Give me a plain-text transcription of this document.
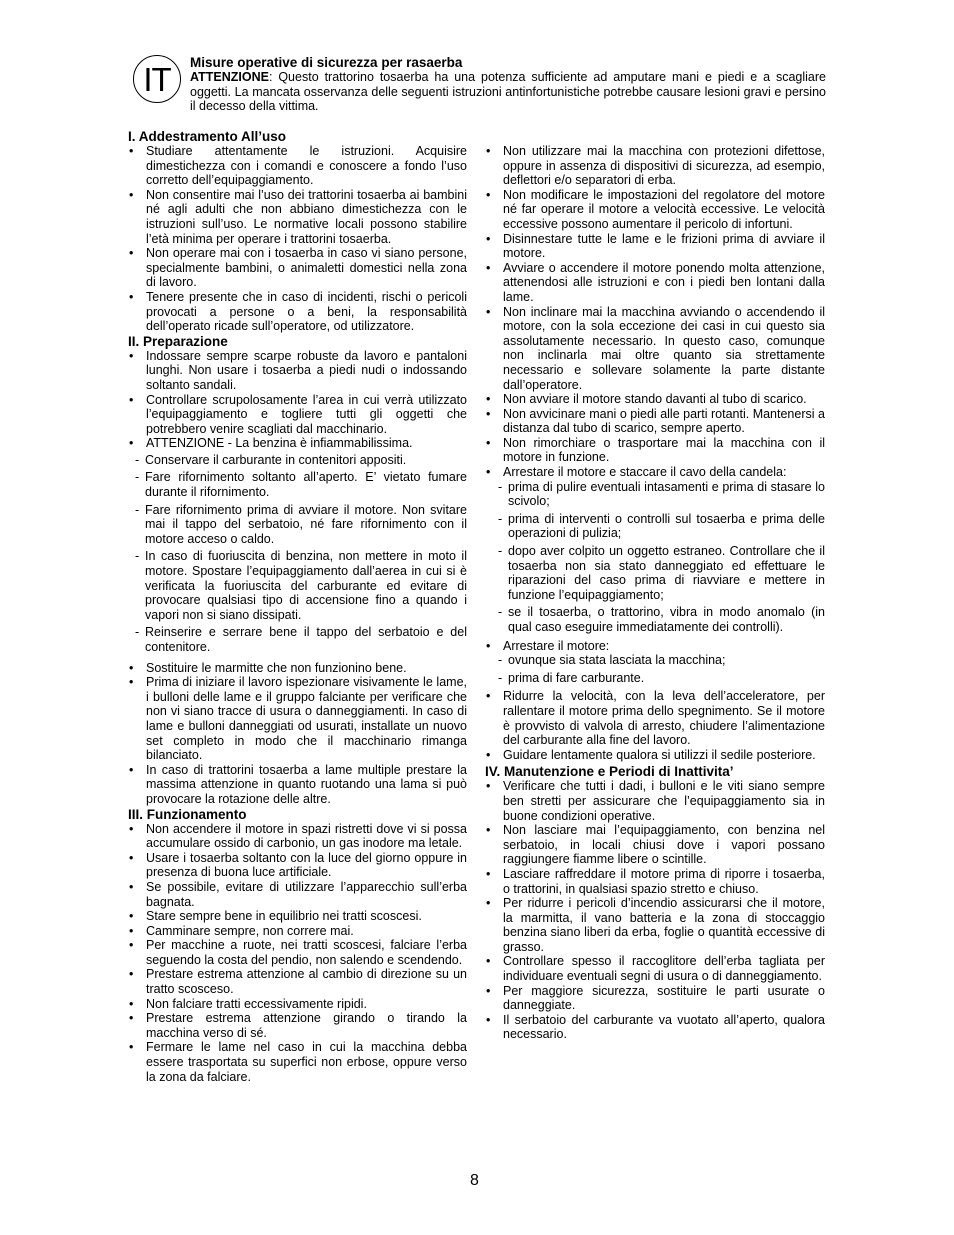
IT Misure operative di sicurezza per rasaerba
ATTENZIONE: Questo trattorino tosaerba ha una potenza sufficiente ad amputare mani e piedi e a scagliare oggetti. La mancata osservanza delle seguenti istruzioni antinfortunistiche potrebbe causare lesioni gravi e persino il decesso della vittima.
I. Addestramento All’uso
• Studiare attentamente le istruzioni. Acquisire dimestichezza con i comandi e conoscere a fondo l’uso corretto dell’equipaggiamento.
• Non consentire mai l’uso dei trattorini tosaerba ai bambini né agli adulti che non abbiano dimestichezza con le istruzioni sull’uso. Le normative locali possono stabilire l’età minima per operare i trattorini tosaerba.
• Non operare mai con i tosaerba in caso vi siano persone, specialmente bambini, o animaletti domestici nella zona di lavoro.
• Tenere presente che in caso di incidenti, rischi o pericoli provocati a persone o a beni, la responsabilità dell’operato ricade sull’operatore, od utilizzatore.
II. Preparazione
• Indossare sempre scarpe robuste da lavoro e pantaloni lunghi. Non usare i tosaerba a piedi nudi o indossando soltanto sandali.
• Controllare scrupolosamente l’area in cui verrà utilizzato l’equipaggiamento e togliere tutti gli oggetti che potrebbero venire scagliati dal macchinario.
• ATTENZIONE - La benzina è infiammabilissima.
- Conservare il carburante in contenitori appositi.
- Fare rifornimento soltanto all’aperto. E’ vietato fumare durante il rifornimento.
- Fare rifornimento prima di avviare il motore. Non svitare mai il tappo del serbatoio, né fare rifornimento con il motore acceso o caldo.
- In caso di fuoriuscita di benzina, non mettere in moto il motore. Spostare l’equipaggiamento dall’aerea in cui si è verificata la fuoriuscita del carburante ed evitare di provocare qualsiasi tipo di accensione fino a quando i vapori non si siano dissipati.
- Reinserire e serrare bene il tappo del serbatoio e del contenitore.
• Sostituire le marmitte che non funzionino bene.
• Prima di iniziare il lavoro ispezionare visivamente le lame, i bulloni delle lame e il gruppo falciante per verificare che non vi siano tracce di usura o danneggiamenti. In caso di lame e bulloni danneggiati od usurati, installate un nuovo set completo in modo che il macchinario rimanga bilanciato.
• In caso di trattorini tosaerba a lame multiple prestare la massima attenzione in quanto ruotando una lama si può provocare la rotazione delle altre.
III. Funzionamento
• Non accendere il motore in spazi ristretti dove vi si possa accumulare ossido di carbonio, un gas inodore ma letale.
• Usare i tosaerba soltanto con la luce del giorno oppure in presenza di buona luce artificiale.
• Se possibile, evitare di utilizzare l’apparecchio sull’erba bagnata.
• Stare sempre bene in equilibrio nei tratti scoscesi.
• Camminare sempre, non correre mai.
• Per macchine a ruote, nei tratti scoscesi, falciare l’erba seguendo la costa del pendio, non salendo e scendendo.
• Prestare estrema attenzione al cambio di direzione su un tratto scosceso.
• Non falciare tratti eccessivamente ripidi.
• Prestare estrema attenzione girando o tirando la macchina verso di sé.
• Fermare le lame nel caso in cui la macchina debba essere trasportata su superfici non erbose, oppure verso la zona da falciare.
• Non utilizzare mai la macchina con protezioni difettose, oppure in assenza di dispositivi di sicurezza, ad esempio, deflettori e/o separatori di erba.
• Non modificare le impostazioni del regolatore del motore né far operare il motore a velocità eccessive. Le velocità eccessive possono aumentare il pericolo di infortuni.
• Disinnestare tutte le lame e le frizioni prima di avviare il motore.
• Avviare o accendere il motore ponendo molta attenzione, attenendosi alle istruzioni e con i piedi ben lontani dalla lame.
• Non inclinare mai la macchina avviando o accendendo il motore, con la sola eccezione dei casi in cui questo sia assolutamente necessario. In questo caso, comunque non inclinarla mai oltre quanto sia strettamente necessario e sollevare solamente la parte distante dall’operatore.
• Non avviare il motore stando davanti al tubo di scarico.
• Non avvicinare mani o piedi alle parti rotanti. Mantenersi a distanza dal tubo di scarico, sempre aperto.
• Non rimorchiare o trasportare mai la macchina con il motore in funzione.
• Arrestare il motore e staccare il cavo della candela:
- prima di pulire eventuali intasamenti e prima di stasare lo scivolo;
- prima di interventi o controlli sul tosaerba e prima delle operazioni di pulizia;
- dopo aver colpito un oggetto estraneo. Controllare che il tosaerba non sia stato danneggiato ed effettuare le riparazioni del caso prima di riavviare e mettere in funzione l’equipaggiamento;
- se il tosaerba, o trattorino, vibra in modo anomalo (in qual caso eseguire immediatamente dei controlli).
• Arrestare il motore:
- ovunque sia stata lasciata la macchina;
- prima di fare carburante.
• Ridurre la velocità, con la leva dell’acceleratore, per rallentare il motore prima dello spegnimento. Se il motore è provvisto di valvola di arresto, chiudere l’alimentazione del carburante alla fine del lavoro.
• Guidare lentamente qualora si utilizzi il sedile posteriore.
IV. Manutenzione e Periodi di Inattivita’
• Verificare che tutti i dadi, i bulloni e le viti siano sempre ben stretti per assicurare che l’equipaggiamento sia in buone condizioni operative.
• Non lasciare mai l’equipaggiamento, con benzina nel serbatoio, in locali chiusi dove i vapori possano raggiungere fiamme libere o scintille.
• Lasciare raffreddare il motore prima di riporre i tosaerba, o trattorini, in qualsiasi spazio stretto e chiuso.
• Per ridurre i pericoli d’incendio assicurarsi che il motore, la marmitta, il vano batteria e la zona di stoccaggio benzina siano liberi da erba, foglie o quantità eccessive di grasso.
• Controllare spesso il raccoglitore dell’erba tagliata per individuare eventuali segni di usura o di danneggiamento.
• Per maggiore sicurezza, sostituire le parti usurate o danneggiate.
• Il serbatoio del carburante va vuotato all’aperto, qualora necessario.
8
